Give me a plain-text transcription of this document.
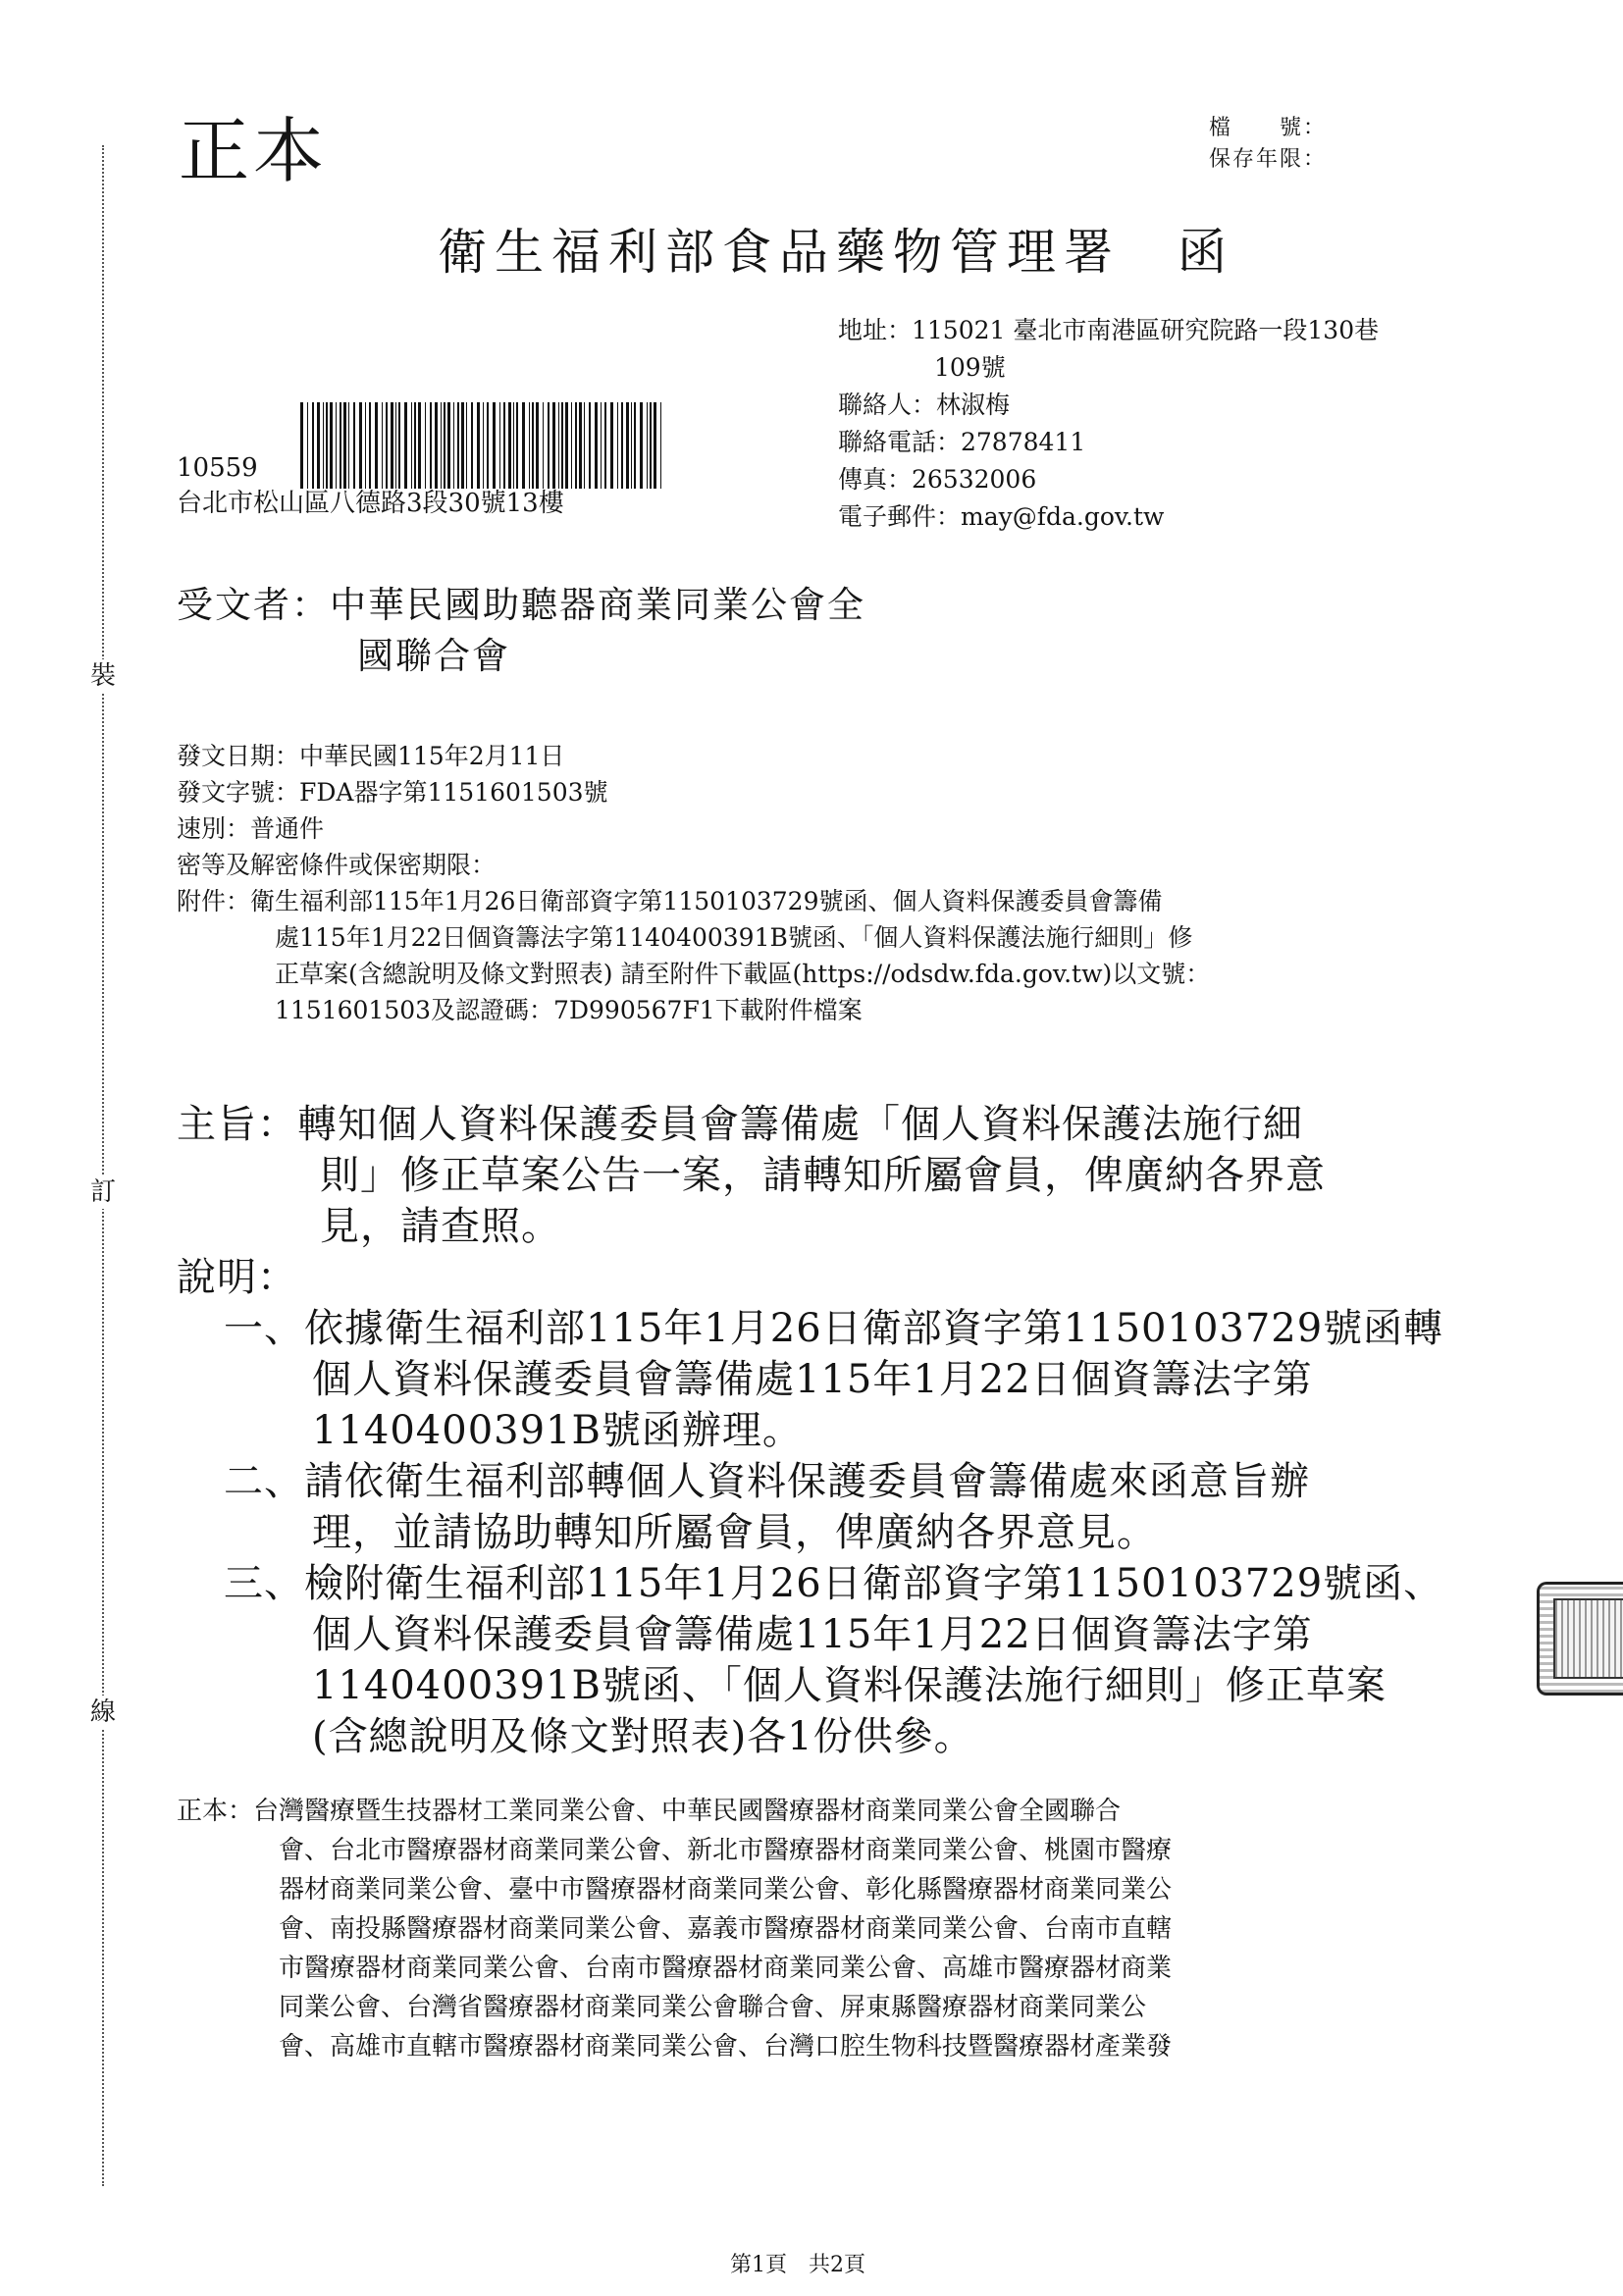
裝
訂
線
正本	檔　　號：
保存年限：
衛生福利部食品藥物管理署　函
地址：115021 臺北市南港區研究院路一段130巷
109號
聯絡人：林淑梅
聯絡電話：27878411
傳真：26532006
電子郵件：may@fda.gov.tw
10559
台北市松山區八德路3段30號13樓
受文者：中華民國助聽器商業同業公會全
國聯合會
發文日期：中華民國115年2月11日
發文字號：FDA器字第1151601503號
速別：普通件
密等及解密條件或保密期限：
附件：衛生福利部115年1月26日衛部資字第1150103729號函、個人資料保護委員會籌備
處115年1月22日個資籌法字第1140400391B號函、「個人資料保護法施行細則」修
正草案(含總說明及條文對照表) 請至附件下載區(https://odsdw.fda.gov.tw)以文號：
1151601503及認證碼：7D990567F1下載附件檔案
主旨：轉知個人資料保護委員會籌備處「個人資料保護法施行細
則」修正草案公告一案，請轉知所屬會員，俾廣納各界意
見，請查照。
說明：
一、依據衛生福利部115年1月26日衛部資字第1150103729號函轉
個人資料保護委員會籌備處115年1月22日個資籌法字第
1140400391B號函辦理。
二、請依衛生福利部轉個人資料保護委員會籌備處來函意旨辦
理，並請協助轉知所屬會員，俾廣納各界意見。
三、檢附衛生福利部115年1月26日衛部資字第1150103729號函、
個人資料保護委員會籌備處115年1月22日個資籌法字第
1140400391B號函、「個人資料保護法施行細則」修正草案
(含總說明及條文對照表)各1份供參。
正本：台灣醫療暨生技器材工業同業公會、中華民國醫療器材商業同業公會全國聯合
會、台北市醫療器材商業同業公會、新北市醫療器材商業同業公會、桃園市醫療
器材商業同業公會、臺中市醫療器材商業同業公會、彰化縣醫療器材商業同業公
會、南投縣醫療器材商業同業公會、嘉義市醫療器材商業同業公會、台南市直轄
市醫療器材商業同業公會、台南市醫療器材商業同業公會、高雄市醫療器材商業
同業公會、台灣省醫療器材商業同業公會聯合會、屏東縣醫療器材商業同業公
會、高雄市直轄市醫療器材商業同業公會、台灣口腔生物科技暨醫療器材產業發
第1頁　共2頁
